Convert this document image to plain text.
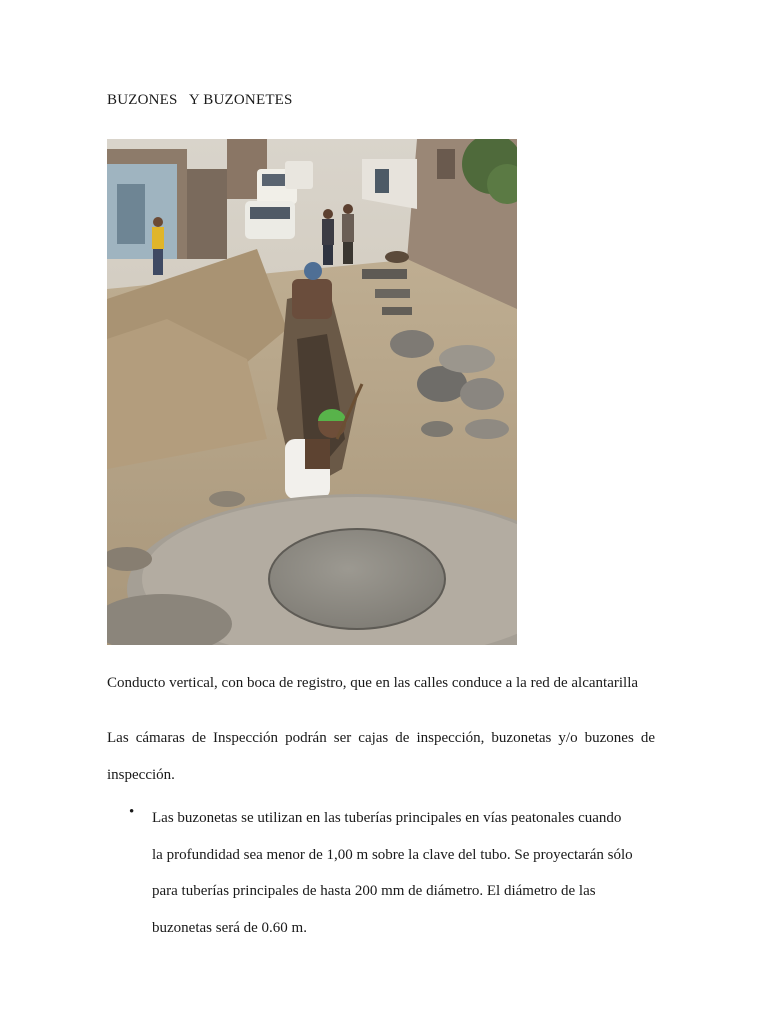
BUZONES   Y BUZONETES
Conducto vertical, con boca de registro, que en las calles conduce a la red de alcantarilla
Las cámaras de Inspección podrán ser cajas de inspección, buzonetas y/o buzones de inspección.
• Las buzonetas se utilizan en las tuberías principales en vías peatonales cuando
la profundidad sea menor de 1,00 m sobre la clave del tubo. Se proyectarán sólo
para tuberías principales de hasta 200 mm de diámetro. El diámetro de las
buzonetas será de 0.60 m.
